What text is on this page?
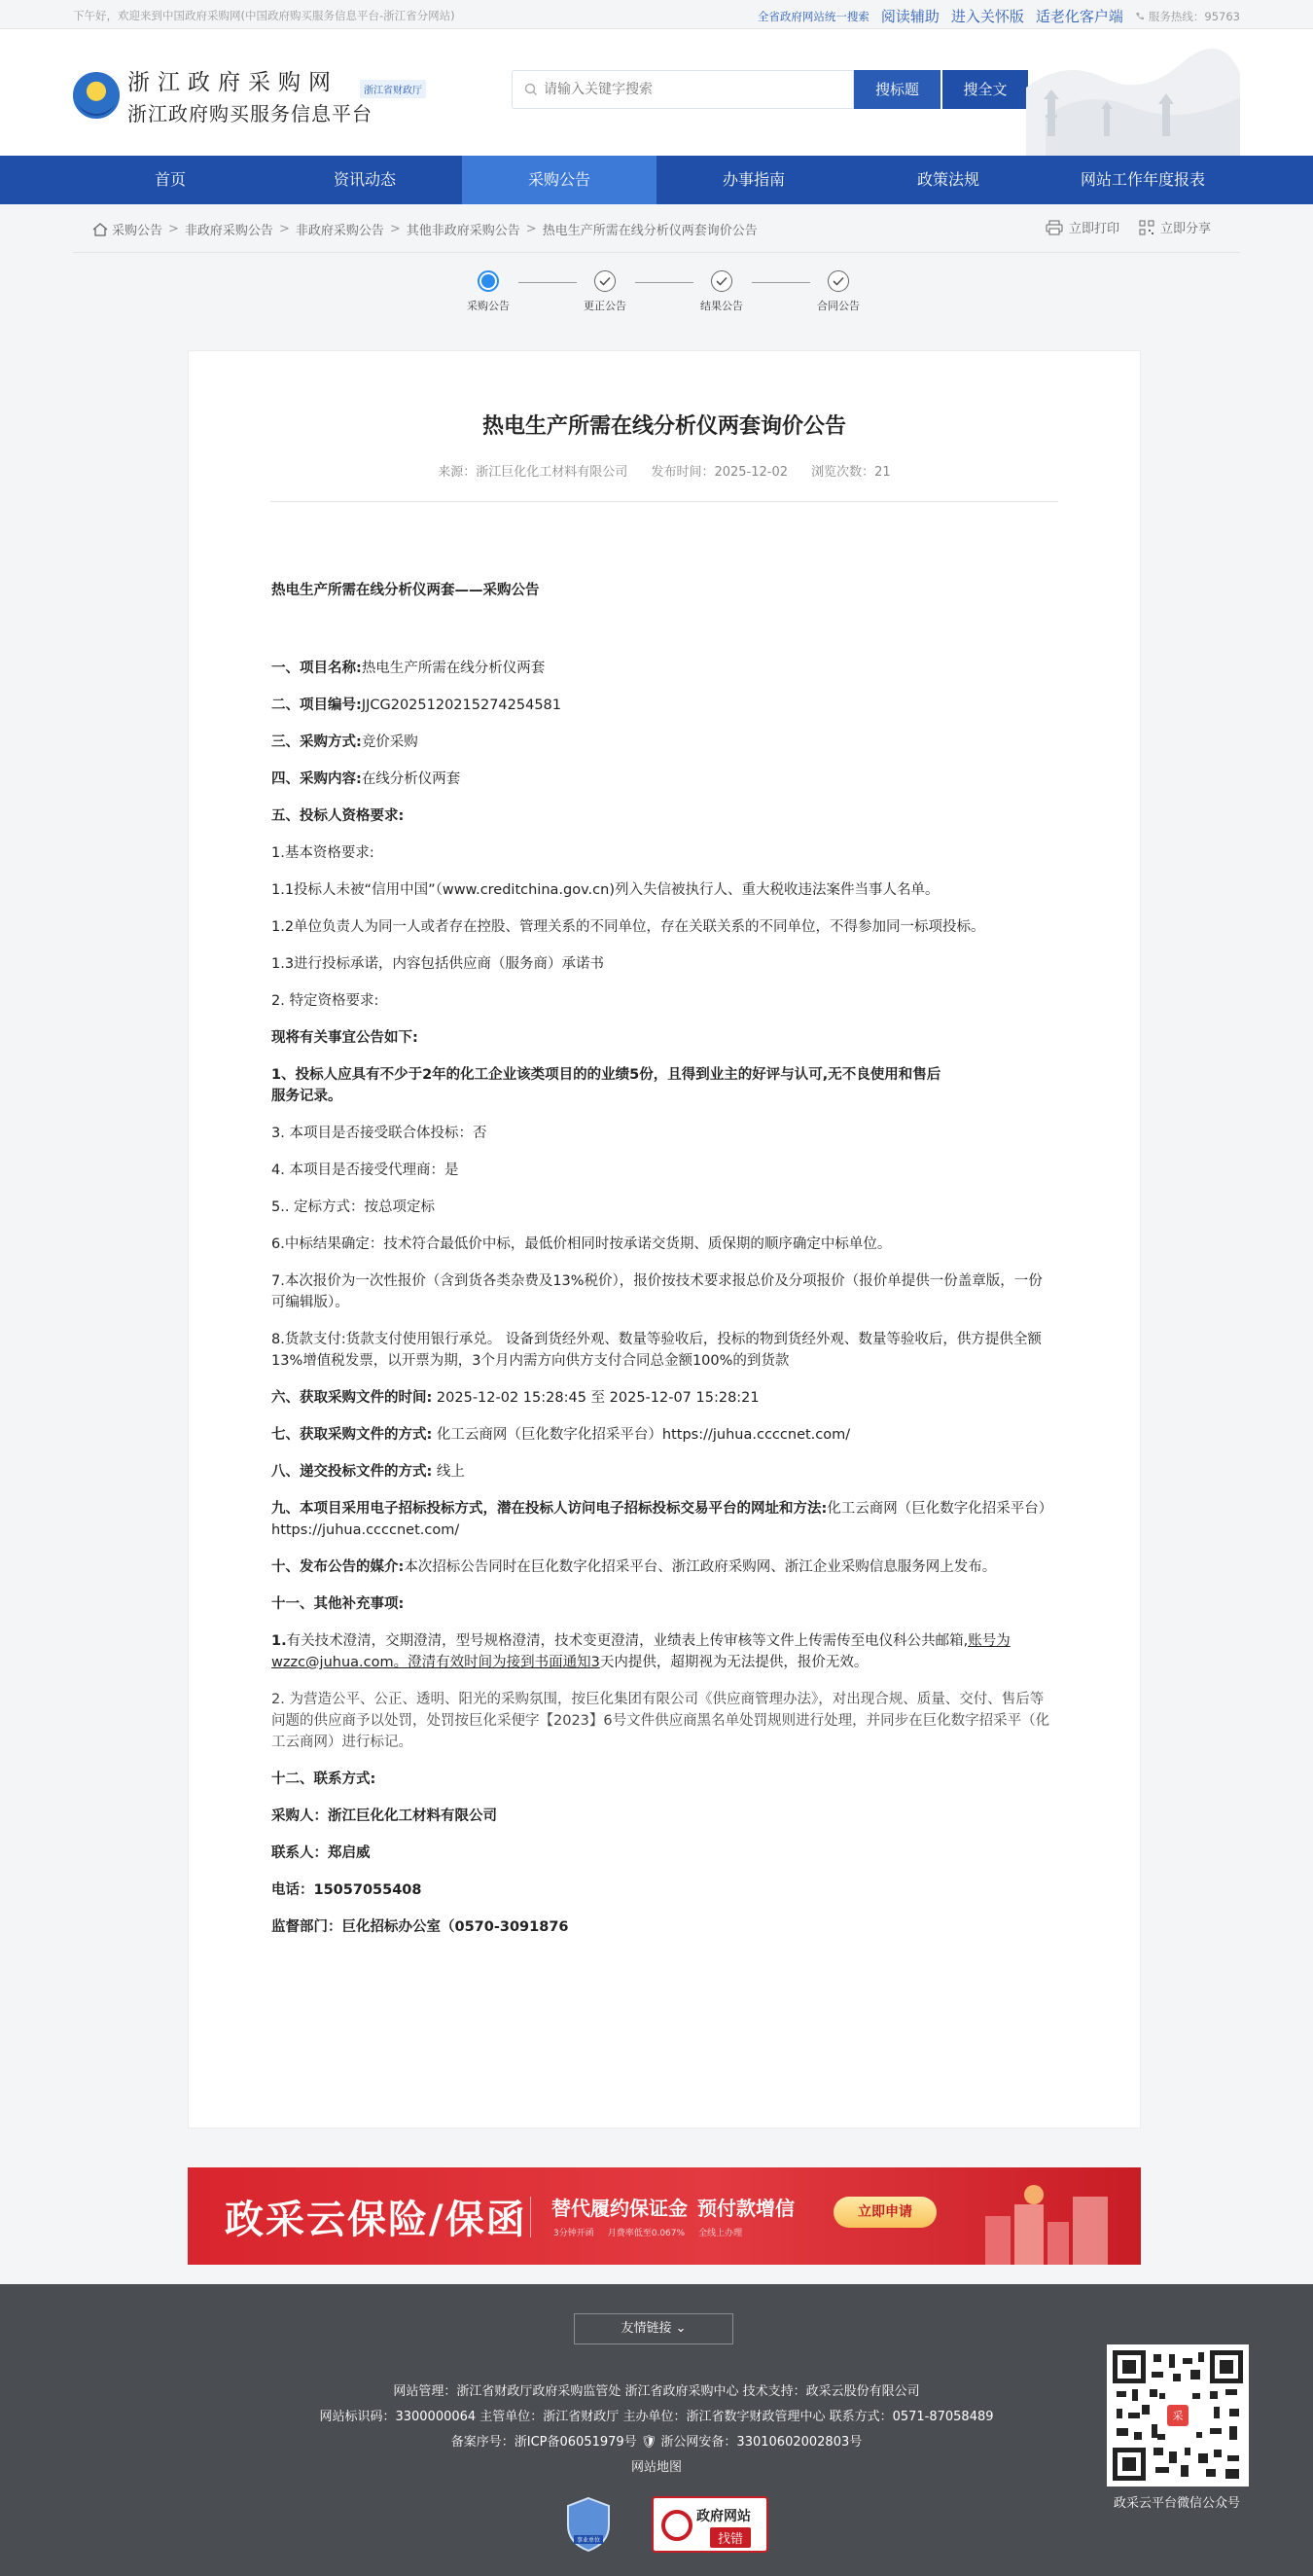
下午好，欢迎来到中国政府采购网(中国政府购买服务信息平台-浙江省分网站)	全省政府网站统一搜索 阅读辅助 进入关怀版 适老化客户端 服务热线：95763
浙江政府采购网
浙江政府购买服务信息平台
浙江省财政厅
请输入关键字搜索	搜标题	搜全文
首页	资讯动态	采购公告	办事指南	政策法规	网站工作年度报表
采购公告 > 非政府采购公告 > 非政府采购公告 > 其他非政府采购公告 > 热电生产所需在线分析仪两套询价公告	立即打印	立即分享
采购公告	更正公告	结果公告	合同公告
热电生产所需在线分析仪两套询价公告
来源：浙江巨化化工材料有限公司 发布时间：2025-12-02 浏览次数：21

热电生产所需在线分析仪两套——采购公告

一、项目名称:热电生产所需在线分析仪两套

二、项目编号:JJCG2025120215274254581

三、采购方式:竞价采购

四、采购内容:在线分析仪两套

五、投标人资格要求:

1.基本资格要求:

1.1投标人未被“信用中国”（www.creditchina.gov.cn)列入失信被执行人、重大税收违法案件当事人名单。

1.2单位负责人为同一人或者存在控股、管理关系的不同单位，存在关联关系的不同单位，不得参加同一标项投标。

1.3进行投标承诺，内容包括供应商（服务商）承诺书

2. 特定资格要求:

现将有关事宜公告如下:

1、投标人应具有不少于2年的化工企业该类项目的的业绩5份，且得到业主的好评与认可,无不良使用和售后服务记录。

3. 本项目是否接受联合体投标：否

4. 本项目是否接受代理商：是

5.. 定标方式：按总项定标

6.中标结果确定：技术符合最低价中标，最低价相同时按承诺交货期、质保期的顺序确定中标单位。

7.本次报价为一次性报价（含到货各类杂费及13%税价），报价按技术要求报总价及分项报价（报价单提供一份盖章版，一份可编辑版）。

8.货款支付:货款支付使用银行承兑。 设备到货经外观、数量等验收后，投标的物到货经外观、数量等验收后，供方提供全额13%增值税发票，以开票为期，3个月内需方向供方支付合同总金额100%的到货款

六、获取采购文件的时间: 2025-12-02 15:28:45 至 2025-12-07 15:28:21

七、获取采购文件的方式: 化工云商网（巨化数字化招采平台）https://juhua.ccccnet.com/

八、递交投标文件的方式: 线上

九、本项目采用电子招标投标方式，潜在投标人访问电子招标投标交易平台的网址和方法:化工云商网（巨化数字化招采平台）https://juhua.ccccnet.com/

十、发布公告的媒介:本次招标公告同时在巨化数字化招采平台、浙江政府采购网、浙江企业采购信息服务网上发布。

十一、其他补充事项:

1.有关技术澄清，交期澄清，型号规格澄清，技术变更澄清，业绩表上传审核等文件上传需传至电仪科公共邮箱,账号为wzzc@juhua.com。澄清有效时间为接到书面通知3天内提供，超期视为无法提供，报价无效。

2. 为营造公平、公正、透明、阳光的采购氛围，按巨化集团有限公司《供应商管理办法》，对出现合规、质量、交付、售后等问题的供应商予以处罚，处罚按巨化采便字【2023】6号文件供应商黑名单处罚规则进行处理，并同步在巨化数字招采平（化工云商网）进行标记。

十二、联系方式:

采购人：浙江巨化化工材料有限公司

联系人：郑启威

电话：15057055408

监督部门：巨化招标办公室（0570-3091876

政采云保险/保函 替代履约保证金 预付款增信
3分钟开函 月费率低至0.067% 全线上办理
立即申请
友情链接 ⌄
网站管理：浙江省财政厅政府采购监管处 浙江省政府采购中心 技术支持：政采云股份有限公司
网站标识码：3300000064 主管单位：浙江省财政厅 主办单位：浙江省数字财政管理中心 联系方式：0571-87058489
备案序号：浙ICP备06051979号 🛡 浙公网安备：33010602002803号
网站地图
事业单位
政府网站
找错
采
政采云平台微信公众号
